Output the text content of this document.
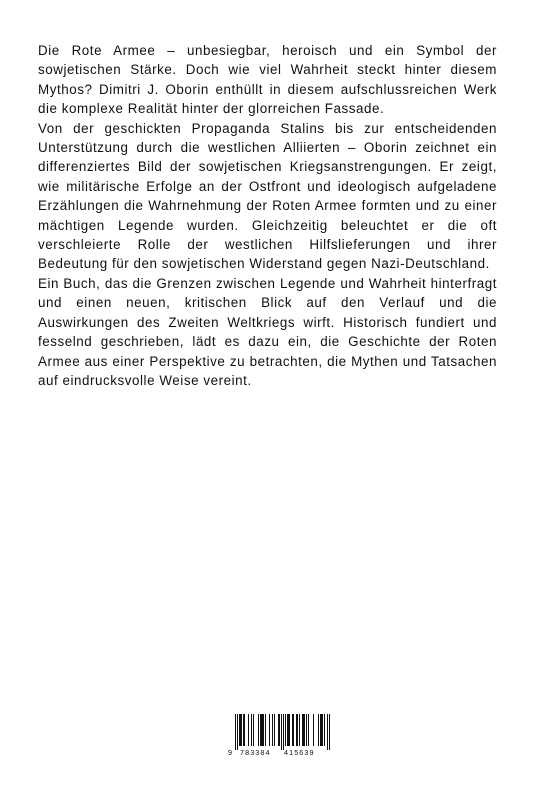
Die Rote Armee – unbesiegbar, heroisch und ein Symbol der sowjetischen Stärke. Doch wie viel Wahrheit steckt hinter diesem Mythos? Dimitri J. Oborin enthüllt in diesem aufschlussreichen Werk die komplexe Realität hinter der glorreichen Fassade.

Von der geschickten Propaganda Stalins bis zur entscheidenden Unterstützung durch die westlichen Alliierten – Oborin zeichnet ein differenziertes Bild der sowjetischen Kriegsanstrengungen. Er zeigt, wie militärische Erfolge an der Ostfront und ideologisch aufgeladene Erzählungen die Wahrnehmung der Roten Armee formten und zu einer mächtigen Legende wurden. Gleichzeitig beleuchtet er die oft verschleierte Rolle der westlichen Hilfslieferungen und ihrer Bedeutung für den sowjetischen Widerstand gegen Nazi-Deutschland.

Ein Buch, das die Grenzen zwischen Legende und Wahrheit hinterfragt und einen neuen, kritischen Blick auf den Verlauf und die Auswirkungen des Zweiten Weltkriegs wirft. Historisch fundiert und fesselnd geschrieben, lädt es dazu ein, die Geschichte der Roten Armee aus einer Perspektive zu betrachten, die Mythen und Tatsachen auf eindrucksvolle Weise vereint.

9 783384 415639
